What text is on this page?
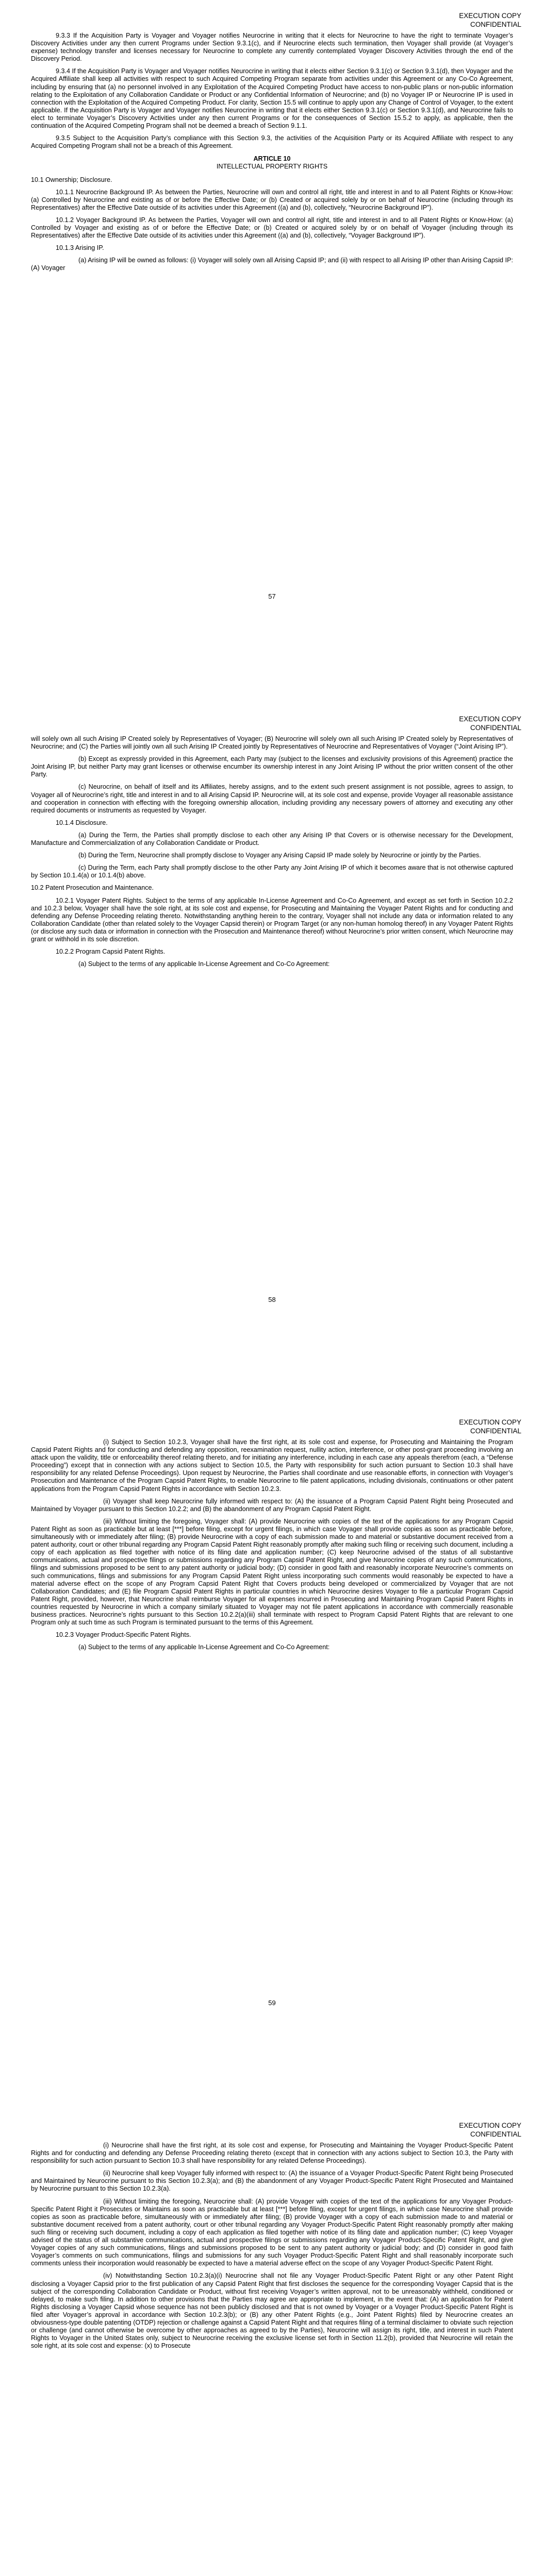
EXECUTION COPY
CONFIDENTIAL

9.3.3 If the Acquisition Party is Voyager and Voyager notifies Neurocrine in writing that it elects for Neurocrine to have the right to terminate Voyager’s Discovery Activities under any then current Programs under Section 9.3.1(c), and if Neurocrine elects such termination, then Voyager shall provide (at Voyager’s expense) technology transfer and licenses necessary for Neurocrine to complete any currently contemplated Voyager Discovery Activities through the end of the Discovery Period.

9.3.4 If the Acquisition Party is Voyager and Voyager notifies Neurocrine in writing that it elects either Section 9.3.1(c) or Section 9.3.1(d), then Voyager and the Acquired Affiliate shall keep all activities with respect to such Acquired Competing Program separate from activities under this Agreement or any Co-Co Agreement, including by ensuring that (a) no personnel involved in any Exploitation of the Acquired Competing Product have access to non-public plans or non-public information relating to the Exploitation of any Collaboration Candidate or Product or any Confidential Information of Neurocrine; and (b) no Voyager IP or Neurocrine IP is used in connection with the Exploitation of the Acquired Competing Product. For clarity, Section 15.5 will continue to apply upon any Change of Control of Voyager, to the extent applicable. If the Acquisition Party is Voyager and Voyager notifies Neurocrine in writing that it elects either Section 9.3.1(c) or Section 9.3.1(d), and Neurocrine fails to elect to terminate Voyager’s Discovery Activities under any then current Programs or for the consequences of Section 15.5.2 to apply, as applicable, then the continuation of the Acquired Competing Program shall not be deemed a breach of Section 9.1.1.

9.3.5 Subject to the Acquisition Party’s compliance with this Section 9.3, the activities of the Acquisition Party or its Acquired Affiliate with respect to any Acquired Competing Program shall not be a breach of this Agreement.

ARTICLE 10

INTELLECTUAL PROPERTY RIGHTS

10.1 Ownership; Disclosure.

10.1.1 Neurocrine Background IP. As between the Parties, Neurocrine will own and control all right, title and interest in and to all Patent Rights or Know-How: (a) Controlled by Neurocrine and existing as of or before the Effective Date; or (b) Created or acquired solely by or on behalf of Neurocrine (including through its Representatives) after the Effective Date outside of its activities under this Agreement ((a) and (b), collectively, “Neurocrine Background IP”).

10.1.2 Voyager Background IP. As between the Parties, Voyager will own and control all right, title and interest in and to all Patent Rights or Know-How: (a) Controlled by Voyager and existing as of or before the Effective Date; or (b) Created or acquired solely by or on behalf of Voyager (including through its Representatives) after the Effective Date outside of its activities under this Agreement ((a) and (b), collectively, “Voyager Background IP”).

10.1.3 Arising IP.

(a) Arising IP will be owned as follows: (i) Voyager will solely own all Arising Capsid IP; and (ii) with respect to all Arising IP other than Arising Capsid IP: (A) Voyager

57
EXECUTION COPY
CONFIDENTIAL

will solely own all such Arising IP Created solely by Representatives of Voyager; (B) Neurocrine will solely own all such Arising IP Created solely by Representatives of Neurocrine; and (C) the Parties will jointly own all such Arising IP Created jointly by Representatives of Neurocrine and Representatives of Voyager (“Joint Arising IP”).

(b) Except as expressly provided in this Agreement, each Party may (subject to the licenses and exclusivity provisions of this Agreement) practice the Joint Arising IP, but neither Party may grant licenses or otherwise encumber its ownership interest in any Joint Arising IP without the prior written consent of the other Party.

(c) Neurocrine, on behalf of itself and its Affiliates, hereby assigns, and to the extent such present assignment is not possible, agrees to assign, to Voyager all of Neurocrine’s right, title and interest in and to all Arising Capsid IP. Neurocrine will, at its sole cost and expense, provide Voyager all reasonable assistance and cooperation in connection with effecting with the foregoing ownership allocation, including providing any necessary powers of attorney and executing any other required documents or instruments as requested by Voyager.

10.1.4 Disclosure.

(a) During the Term, the Parties shall promptly disclose to each other any Arising IP that Covers or is otherwise necessary for the Development, Manufacture and Commercialization of any Collaboration Candidate or Product.

(b) During the Term, Neurocrine shall promptly disclose to Voyager any Arising Capsid IP made solely by Neurocrine or jointly by the Parties.

(c) During the Term, each Party shall promptly disclose to the other Party any Joint Arising IP of which it becomes aware that is not otherwise captured by Section 10.1.4(a) or 10.1.4(b) above.

10.2 Patent Prosecution and Maintenance.

10.2.1 Voyager Patent Rights. Subject to the terms of any applicable In-License Agreement and Co-Co Agreement, and except as set forth in Section 10.2.2 and 10.2.3 below, Voyager shall have the sole right, at its sole cost and expense, for Prosecuting and Maintaining the Voyager Patent Rights and for conducting and defending any Defense Proceeding relating thereto. Notwithstanding anything herein to the contrary, Voyager shall not include any data or information related to any Collaboration Candidate (other than related solely to the Voyager Capsid therein) or Program Target (or any non-human homolog thereof) in any Voyager Patent Rights (or disclose any such data or information in connection with the Prosecution and Maintenance thereof) without Neurocrine’s prior written consent, which Neurocrine may grant or withhold in its sole discretion.

10.2.2 Program Capsid Patent Rights.

(a) Subject to the terms of any applicable In-License Agreement and Co-Co Agreement:

58
EXECUTION COPY
CONFIDENTIAL

(i) Subject to Section 10.2.3, Voyager shall have the first right, at its sole cost and expense, for Prosecuting and Maintaining the Program Capsid Patent Rights and for conducting and defending any opposition, reexamination request, nullity action, interference, or other post-grant proceeding involving an attack upon the validity, title or enforceability thereof relating thereto, and for initiating any interference, including in each case any appeals therefrom (each, a “Defense Proceeding”) except that in connection with any actions subject to Section 10.5, the Party with responsibility for such action pursuant to Section 10.3 shall have responsibility for any related Defense Proceedings). Upon request by Neurocrine, the Parties shall coordinate and use reasonable efforts, in connection with Voyager’s Prosecution and Maintenance of the Program Capsid Patent Rights, to enable Neurocrine to file patent applications, including divisionals, continuations or other patent applications from the Program Capsid Patent Rights in accordance with Section 10.2.3.

(ii) Voyager shall keep Neurocrine fully informed with respect to: (A) the issuance of a Program Capsid Patent Right being Prosecuted and Maintained by Voyager pursuant to this Section 10.2.2; and (B) the abandonment of any Program Capsid Patent Right.

(iii) Without limiting the foregoing, Voyager shall: (A) provide Neurocrine with copies of the text of the applications for any Program Capsid Patent Right as soon as practicable but at least [***] before filing, except for urgent filings, in which case Voyager shall provide copies as soon as practicable before, simultaneously with or immediately after filing; (B) provide Neurocrine with a copy of each submission made to and material or substantive document received from a patent authority, court or other tribunal regarding any Program Capsid Patent Right reasonably promptly after making such filing or receiving such document, including a copy of each application as filed together with notice of its filing date and application number; (C) keep Neurocrine advised of the status of all substantive communications, actual and prospective filings or submissions regarding any Program Capsid Patent Right, and give Neurocrine copies of any such communications, filings and submissions proposed to be sent to any patent authority or judicial body; (D) consider in good faith and reasonably incorporate Neurocrine’s comments on such communications, filings and submissions for any Program Capsid Patent Right unless incorporating such comments would reasonably be expected to have a material adverse effect on the scope of any Program Capsid Patent Right that Covers products being developed or commercialized by Voyager that are not Collaboration Candidates; and (E) file Program Capsid Patent Rights in particular countries in which Neurocrine desires Voyager to file a particular Program Capsid Patent Right, provided, however, that Neurocrine shall reimburse Voyager for all expenses incurred in Prosecuting and Maintaining Program Capsid Patent Rights in countries requested by Neurocrine in which a company similarly situated to Voyager may not file patent applications in accordance with commercially reasonable business practices. Neurocrine’s rights pursuant to this Section 10.2.2(a)(iii) shall terminate with respect to Program Capsid Patent Rights that are relevant to one Program only at such time as such Program is terminated pursuant to the terms of this Agreement.

10.2.3 Voyager Product-Specific Patent Rights.

(a) Subject to the terms of any applicable In-License Agreement and Co-Co Agreement:

59
EXECUTION COPY
CONFIDENTIAL

(i) Neurocrine shall have the first right, at its sole cost and expense, for Prosecuting and Maintaining the Voyager Product-Specific Patent Rights and for conducting and defending any Defense Proceeding relating thereto (except that in connection with any actions subject to Section 10.3, the Party with responsibility for such action pursuant to Section 10.3 shall have responsibility for any related Defense Proceedings).

(ii) Neurocrine shall keep Voyager fully informed with respect to: (A) the issuance of a Voyager Product-Specific Patent Right being Prosecuted and Maintained by Neurocrine pursuant to this Section 10.2.3(a); and (B) the abandonment of any Voyager Product-Specific Patent Right Prosecuted and Maintained by Neurocrine pursuant to this Section 10.2.3(a).

(iii) Without limiting the foregoing, Neurocrine shall: (A) provide Voyager with copies of the text of the applications for any Voyager Product-Specific Patent Right it Prosecutes or Maintains as soon as practicable but at least [***] before filing, except for urgent filings, in which case Neurocrine shall provide copies as soon as practicable before, simultaneously with or immediately after filing; (B) provide Voyager with a copy of each submission made to and material or substantive document received from a patent authority, court or other tribunal regarding any Voyager Product-Specific Patent Right reasonably promptly after making such filing or receiving such document, including a copy of each application as filed together with notice of its filing date and application number; (C) keep Voyager advised of the status of all substantive communications, actual and prospective filings or submissions regarding any Voyager Product-Specific Patent Right, and give Voyager copies of any such communications, filings and submissions proposed to be sent to any patent authority or judicial body; and (D) consider in good faith Voyager’s comments on such communications, filings and submissions for any such Voyager Product-Specific Patent Right and shall reasonably incorporate such comments unless their incorporation would reasonably be expected to have a material adverse effect on the scope of any Voyager Product-Specific Patent Right.

(iv) Notwithstanding Section 10.2.3(a)(i) Neurocrine shall not file any Voyager Product-Specific Patent Right or any other Patent Right disclosing a Voyager Capsid prior to the first publication of any Capsid Patent Right that first discloses the sequence for the corresponding Voyager Capsid that is the subject of the corresponding Collaboration Candidate or Product, without first receiving Voyager’s written approval, not to be unreasonably withheld, conditioned or delayed, to make such filing. In addition to other provisions that the Parties may agree are appropriate to implement, in the event that: (A) an application for Patent Rights disclosing a Voyager Capsid whose sequence has not been publicly disclosed and that is not owned by Voyager or a Voyager Product-Specific Patent Right is filed after Voyager’s approval in accordance with Section 10.2.3(b); or (B) any other Patent Rights (e.g., Joint Patent Rights) filed by Neurocrine creates an obviousness-type double patenting (OTDP) rejection or challenge against a Capsid Patent Right and that requires filing of a terminal disclaimer to obviate such rejection or challenge (and cannot otherwise be overcome by other approaches as agreed to by the Parties), Neurocrine will assign its right, title, and interest in such Patent Rights to Voyager in the United States only, subject to Neurocrine receiving the exclusive license set forth in Section 11.2(b), provided that Neurocrine will retain the sole right, at its sole cost and expense: (x) to Prosecute
